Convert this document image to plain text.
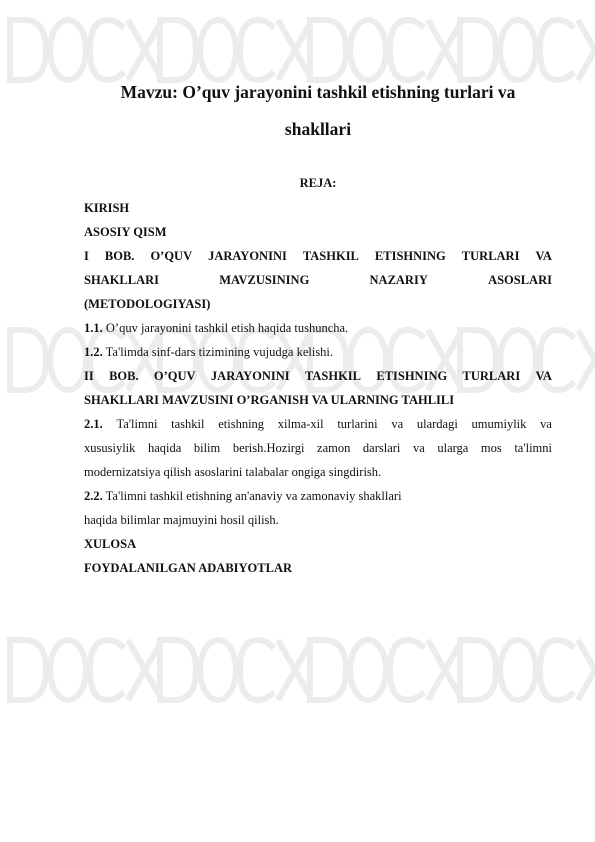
Mavzu: O’quv jarayonini tashkil etishning turlari va
shakllari

REJA:

KIRISH

ASOSIY QISM

I BOB. O’QUV JARAYONINI TASHKIL ETISHNING TURLARI VA

SHAKLLARI	MAVZUSINING	NAZARIY	ASOSLARI

(METODOLOGIYASI)

1.1. O’quv jarayonini tashkil etish haqida tushuncha.

1.2. Ta'limda sinf-dars tizimining vujudga kelishi.

II BOB. O’QUV JARAYONINI TASHKIL ETISHNING TURLARI VA

SHAKLLARI MAVZUSINI O’RGANISH VA ULARNING TAHLILI

2.1. Ta'limni tashkil etishning xilma-xil turlarini va ulardagi umumiylik va

xususiylik haqida bilim berish.Hozirgi zamon darslari va ularga mos ta'limni

modernizatsiya qilish asoslarini talabalar ongiga singdirish.

2.2. Ta'limni tashkil etishning an'anaviy va zamonaviy shakllari

haqida bilimlar majmuyini hosil qilish.

XULOSA

FOYDALANILGAN ADABIYOTLAR
